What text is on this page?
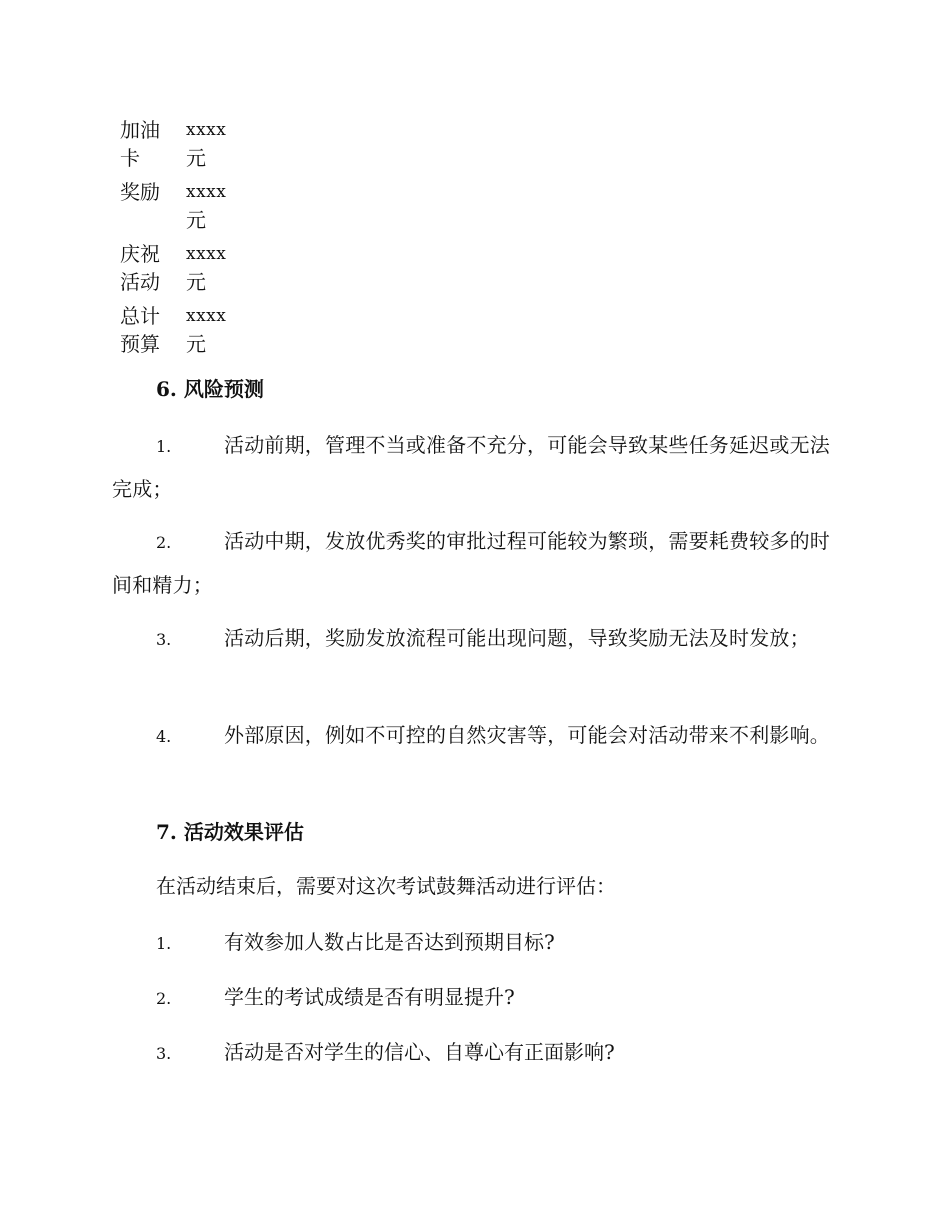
加油卡	xxxx
元

奖励	xxxx
元

庆祝活动	xxxx
元

总计预算	xxxx
元
6. 风险预测
1.	活动前期，管理不当或准备不充分，可能会导致某些任务延迟或无法完成；
2.	活动中期，发放优秀奖的审批过程可能较为繁琐，需要耗费较多的时间和精力；
3.	活动后期，奖励发放流程可能出现问题，导致奖励无法及时发放；
4.	外部原因，例如不可控的自然灾害等，可能会对活动带来不利影响。
7. 活动效果评估
在活动结束后，需要对这次考试鼓舞活动进行评估：
1.	有效参加人数占比是否达到预期目标?
2.	学生的考试成绩是否有明显提升?
3.	活动是否对学生的信心、自尊心有正面影响?
